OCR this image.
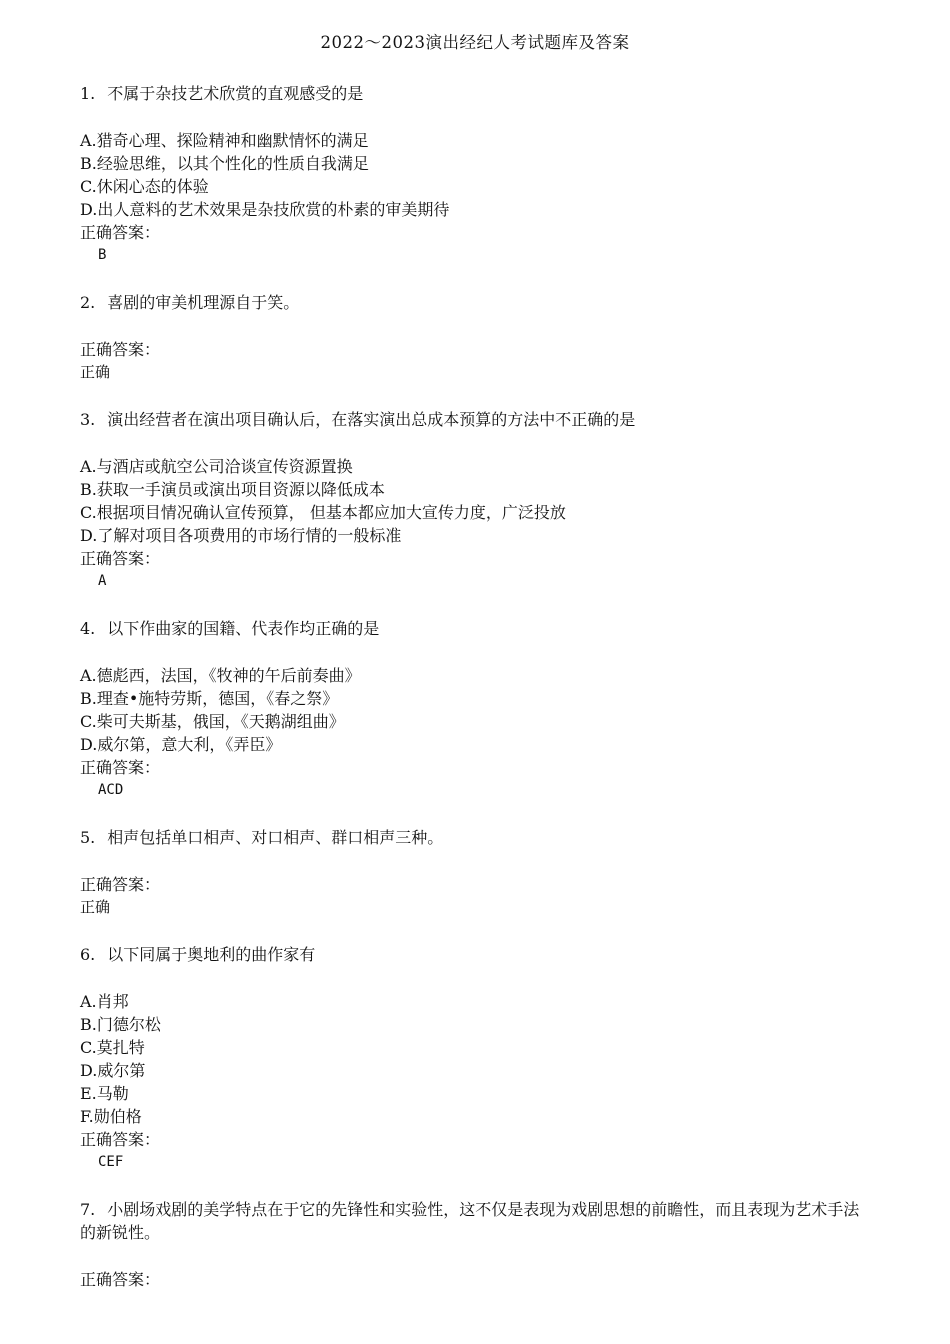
2022～2023演出经纪人考试题库及答案

1. 不属于杂技艺术欣赏的直观感受的是

A.猎奇心理、探险精神和幽默情怀的满足

B.经验思维，以其个性化的性质自我满足

C.休闲心态的体验

D.出人意料的艺术效果是杂技欣赏的朴素的审美期待

正确答案：

B

2. 喜剧的审美机理源自于笑。

正确答案：

正确

3. 演出经营者在演出项目确认后，在落实演出总成本预算的方法中不正确的是

A.与酒店或航空公司洽谈宣传资源置换

B.获取一手演员或演出项目资源以降低成本

C.根据项目情况确认宣传预算， 但基本都应加大宣传力度，广泛投放

D.了解对项目各项费用的市场行情的一般标准

正确答案：

A

4. 以下作曲家的国籍、代表作均正确的是

A.德彪西，法国，《牧神的午后前奏曲》

B.理查•施特劳斯，德国，《春之祭》

C.柴可夫斯基，俄国，《天鹅湖组曲》

D.威尔第，意大利，《弄臣》

正确答案：

ACD

5. 相声包括单口相声、对口相声、群口相声三种。

正确答案：

正确

6. 以下同属于奥地利的曲作家有

A.肖邦

B.门德尔松

C.莫扎特

D.威尔第

E.马勒

F.勋伯格

正确答案：

CEF

7. 小剧场戏剧的美学特点在于它的先锋性和实验性，这不仅是表现为戏剧思想的前瞻性，而且表现为艺术手法的新锐性。

正确答案：
